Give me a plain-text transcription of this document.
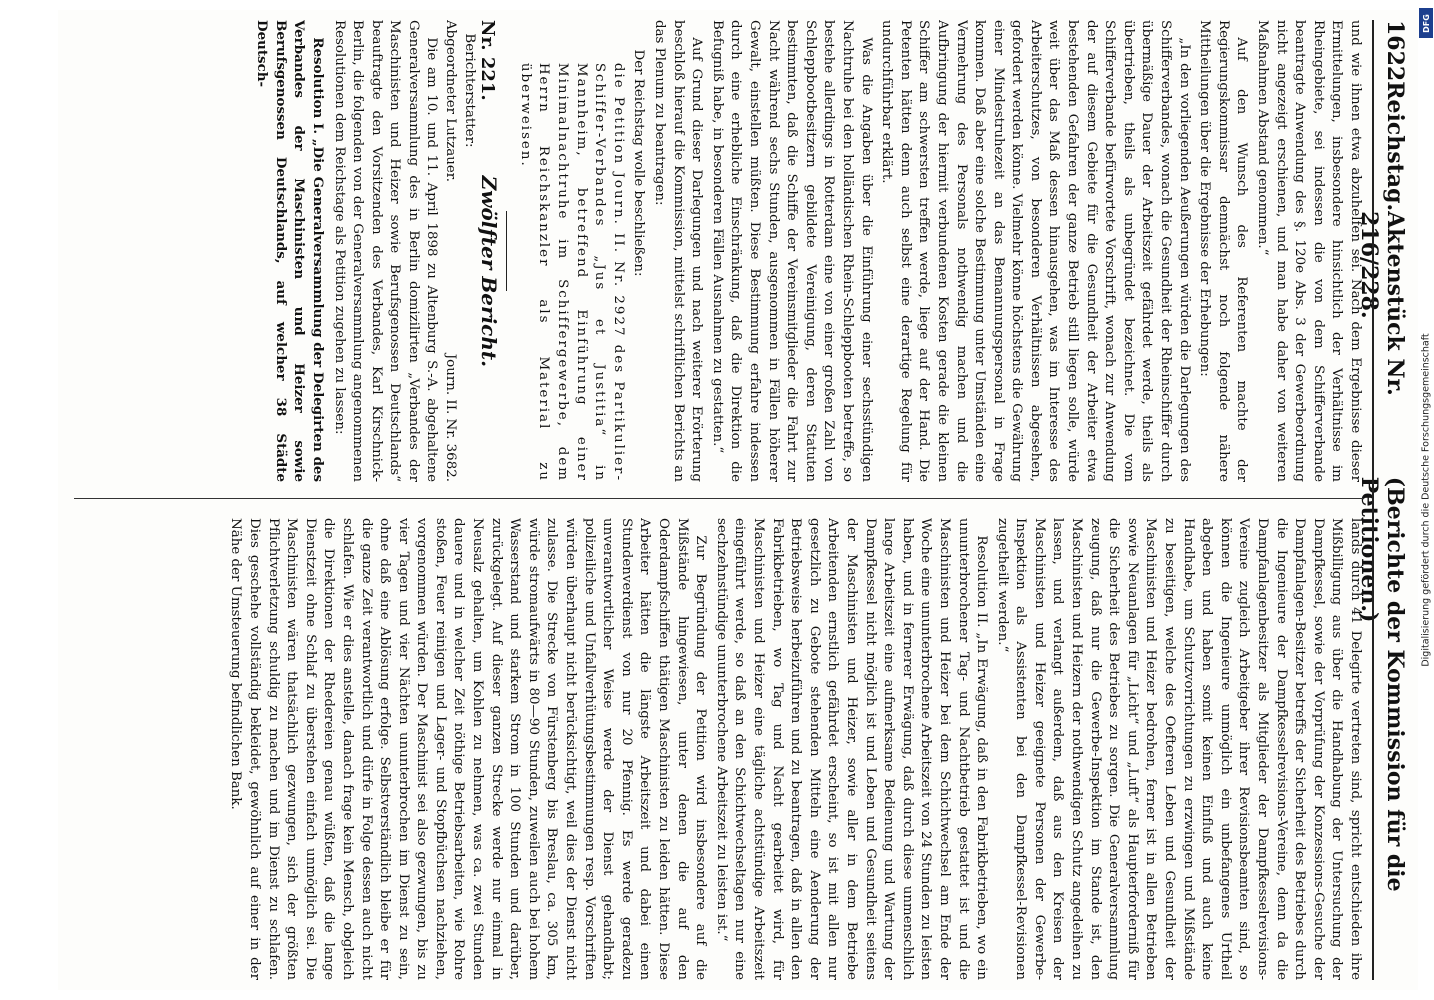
1622
Reichstag.
Aktenstück Nr. 216/228.
(Berichte der Kommission für die Petitionen.)

und wie ihnen etwa abzuhelfen sei. Nach dem Ergebnisse dieser Ermittelungen, insbesondere hinsichtlich der Verhältnisse im Rheingebiete, sei indessen die von dem Schifferverbande beantragte Anwendung des §. 120e Abs. 3 der Gewerbeordnung nicht angezeigt erschienen, und man habe daher von weiteren Maßnahmen Abstand genommen.“

Auf den Wunsch des Referenten machte der Regierungskommissar demnächst noch folgende nähere Mittheilungen über die Ergebnisse der Erhebungen:

„In den vorliegenden Aeußerungen würden die Darlegungen des Schifferverbandes, wonach die Gesundheit der Rheinschiffer durch übermäßige Dauer der Arbeitszeit gefährdet werde, theils als übertrieben, theils als unbegründet bezeichnet. Die vom Schifferverbande befürwortete Vorschrift, wonach zur Anwendung der auf diesem Gebiete für die Gesundheit der Arbeiter etwa bestehenden Gefahren der ganze Betrieb still liegen solle, würde weit über das Maß dessen hinausgehen, was im Interesse des Arbeiterschutzes, von besonderen Verhältnissen abgesehen, gefordert werden könne. Vielmehr könne höchstens die Gewährung einer Mindestruhezeit an das Bemannungspersonal in Frage kommen. Daß aber eine solche Bestimmung unter Umständen eine Vermehrung des Personals nothwendig machen und die Aufbringung der hiermit verbundenen Kosten gerade die kleinen Schiffer am schwersten treffen werde, liege auf der Hand. Die Petenten hätten denn auch selbst eine derartige Regelung für undurchführbar erklärt.

Was die Angaben über die Einführung einer sechsstündigen Nachtruhe bei den holländischen Rhein-Schleppbooten betreffe, so bestehe allerdings in Rotterdam eine von einer großen Zahl von Schleppbootbesitzern gebildete Vereinigung, deren Statuten bestimmten, daß die Schiffe der Vereinsmitglieder die Fahrt zur Nacht während sechs Stunden, ausgenommen in Fällen höherer Gewalt, einstellen müßten. Diese Bestimmung erfahre indessen durch eine erhebliche Einschränkung, daß die Direktion die Befugniß habe, in besonderen Fällen Ausnahmen zu gestatten.“

Auf Grund dieser Darlegungen und nach weiterer Erörterung beschloß hierauf die Kommission, mittelst schriftlichen Berichts an das Plenum zu beantragen:

Der Reichstag wolle beschließen:

die Petition Journ. II. Nr. 2927 des Partikulier-Schiffer-Verbandes „Jus et Justitia“ in Mannheim, betreffend Einführung einer Minimalnachtruhe im Schiffergewerbe, dem Herrn Reichskanzler als Material zu überweisen.

Nr. 221.
Zwölfter Bericht.
Berichterstatter:
Abgeordneter Lutzauer.
Journ. II. Nr. 3682.

Die am 10. und 11. April 1898 zu Altenburg S.-A. abgehaltene Generalversammlung des in Berlin domizilirten „Verbandes der Maschinisten und Heizer sowie Berufsgenossen Deutschlands“ beauftragte den Vorsitzenden des Verbandes, Karl Kirschnick-Berlin, die folgenden von der Generalversammlung angenommenen Resolutionen dem Reichstage als Petition zugehen zu lassen:

Resolution I. „Die Generalversammlung der Delegirten des Verbandes der Maschinisten und Heizer sowie Berufsgenossen Deutschlands, auf welcher 38 Städte Deutsch-

lands durch 41 Delegirte vertreten sind, spricht entschieden ihre Mißbilligung aus über die Handhabung der Untersuchung der Dampfkessel, sowie der Vorprüfung der Konzessions-Gesuche der Dampfanlagen-Besitzer betreffs der Sicherheit des Betriebes durch die Ingenieure der Dampfkesselrevisions-Vereine, denn da die Dampfanlagenbesitzer als Mitglieder der Dampfkesselrevisions-Vereine zugleich Arbeitgeber ihrer Revisionsbeamten sind, so können die Ingenieure unmöglich ein unbefangenes Urtheil abgeben und haben somit keinen Einfluß und auch keine Handhabe, um Schutzvorrichtungen zu erzwingen und Mißstände zu beseitigen, welche des Oefteren Leben und Gesundheit der Maschinisten und Heizer bedrohen, ferner ist in allen Betrieben sowie Neuanlagen für „Licht“ und „Luft“ als Haupterforderniß für die Sicherheit des Betriebes zu sorgen. Die Generalversammlung zeugung, daß nur die Gewerbe-Inspektion im Stande ist, den Maschinisten und Heizern der nothwendigen Schutz angedeihen zu lassen, und verlangt außerdem, daß aus den Kreisen der Maschinisten und Heizer geeignete Personen der Gewerbe-Inspektion als Assistenten bei den Dampfkessel-Revisionen zugetheilt werden.“

Resolution II. „In Erwägung, daß in den Fabrikbetrieben, wo ein ununterbrochener Tag- und Nachtbetrieb gestattet ist und die Maschinisten und Heizer bei dem Schichtwechsel am Ende der Woche eine ununterbrochene Arbeitszeit von 24 Stunden zu leisten haben, und in fernerer Erwägung, daß durch diese unmenschlich lange Arbeitszeit eine aufmerksame Bedienung und Wartung der Dampfkessel nicht möglich ist und Leben und Gesundheit seitens der Maschinisten und Heizer, sowie aller in dem Betriebe Arbeitenden ernstlich gefährdet erscheint, so ist mit allen nur gesetzlich zu Gebote stehenden Mitteln eine Aenderung der Betriebsweise herbeizuführen und zu beantragen, daß in allen den Fabrikbetrieben, wo Tag und Nacht gearbeitet wird, für Maschinisten und Heizer eine tägliche achtstündige Arbeitszeit eingeführt werde, so daß an den Schichtwechseltagen nur eine sechzehnstündige ununterbrochene Arbeitszeit zu leisten ist.“

Zur Begründung der Petition wird insbesondere auf die Mißstände hingewiesen, unter denen die auf den Oderdampfschiffen thätigen Maschinisten zu leiden hätten. Diese Arbeiter hätten die längste Arbeitszeit und dabei einen Stundenverdienst von nur 20 Pfennig. Es werde geradezu unverantwortlicher Weise werde der Dienst gehandhabt; polizeiliche und Unfallverhütungsbestimmungen resp. Vorschriften würden überhaupt nicht berücksichtigt, weil dies der Dienst nicht zulasse. Die Strecke von Fürstenberg bis Breslau, ca. 305 km, würde stromaufwärts in 80—90 Stunden, zuweilen auch bei hohem Wasserstand und starkem Strom in 100 Stunden und darüber, zurückgelegt. Auf dieser ganzen Strecke werde nur einmal in Neusalz gehalten, um Kohlen zu nehmen, was ca. zwei Stunden dauere und in welcher Zeit nöthige Betriebsarbeiten, wie Rohre stoßen, Feuer reinigen und Lager- und Stopfbüchsen nachziehen, vorgenommen würden. Der Maschinist sei also gezwungen, bis zu vier Tagen und vier Nächten ununterbrochen im Dienst zu sein, ohne daß eine Ablösung erfolge. Selbstverständlich bleibe er für die ganze Zeit verantwortlich und dürfe in Folge dessen auch nicht schlafen. Wie er dies anstelle, danach frage kein Mensch, obgleich die Direktionen der Rhedereien genau wüßten, daß die lange Dienstzeit ohne Schlaf zu überstehen einfach unmöglich sei. Die Maschinisten wären thatsächlich gezwungen, sich der größten Pflichtverletzung schuldig zu machen und im Dienst zu schlafen. Dies geschehe vollständig bekleidet, gewöhnlich auf einer in der Nähe der Umsteuerung befindlichen Bank.	Digitalisierung gefördert durch die Deutsche Forschungsgemeinschaft
DFG
